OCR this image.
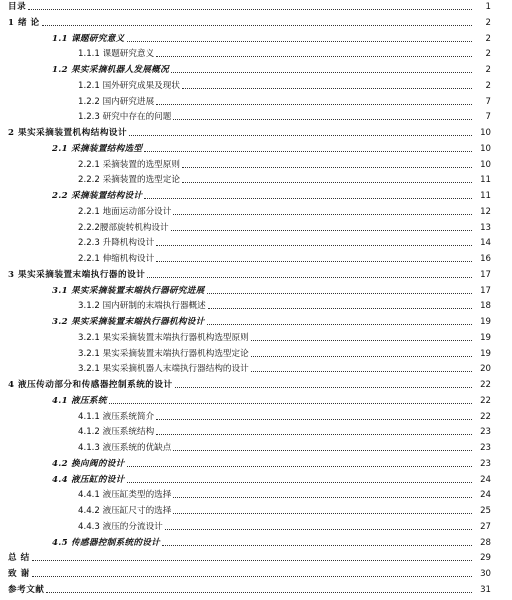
目录	1
1 绪 论	2
1.1 课题研究意义	2
1.1.1 课题研究意义	2
1.2 果实采摘机器人发展概况	2
1.2.1 国外研究成果及现状	2
1.2.2 国内研究进展	7
1.2.3 研究中存在的问题	7
2 果实采摘装置机构结构设计	10
2.1 采摘装置结构选型	10
2.2.1 采摘装置的选型原则	10
2.2.2 采摘装置的选型定论	11
2.2 采摘装置结构设计	11
2.2.1 地面运动部分设计	12
2.2.2腰部旋转机构设计	13
2.2.3 升降机构设计	14
2.2.1 伸缩机构设计	16
3 果实采摘装置末端执行器的设计	17
3.1 果实采摘装置末端执行器研究进展	17
3.1.2 国内研制的末端执行器概述	18
3.2 果实采摘装置末端执行器机构设计	19
3.2.1 果实采摘装置末端执行器机构选型原则	19
3.2.1 果实采摘装置末端执行器机构选型定论	19
3.2.1 果实采摘机器人末端执行器结构的设计	20
4 液压传动部分和传感器控制系统的设计	22
4.1 液压系统	22
4.1.1 液压系统简介	22
4.1.2 液压系统结构	23
4.1.3 液压系统的优缺点	23
4.2 换向阀的设计	23
4.4 液压缸的设计	24
4.4.1 液压缸类型的选择	24
4.4.2 液压缸尺寸的选择	25
4.4.3 液压的分流设计	27
4.5 传感器控制系统的设计	28
总 结	29
致 谢	30
参考文献	31
